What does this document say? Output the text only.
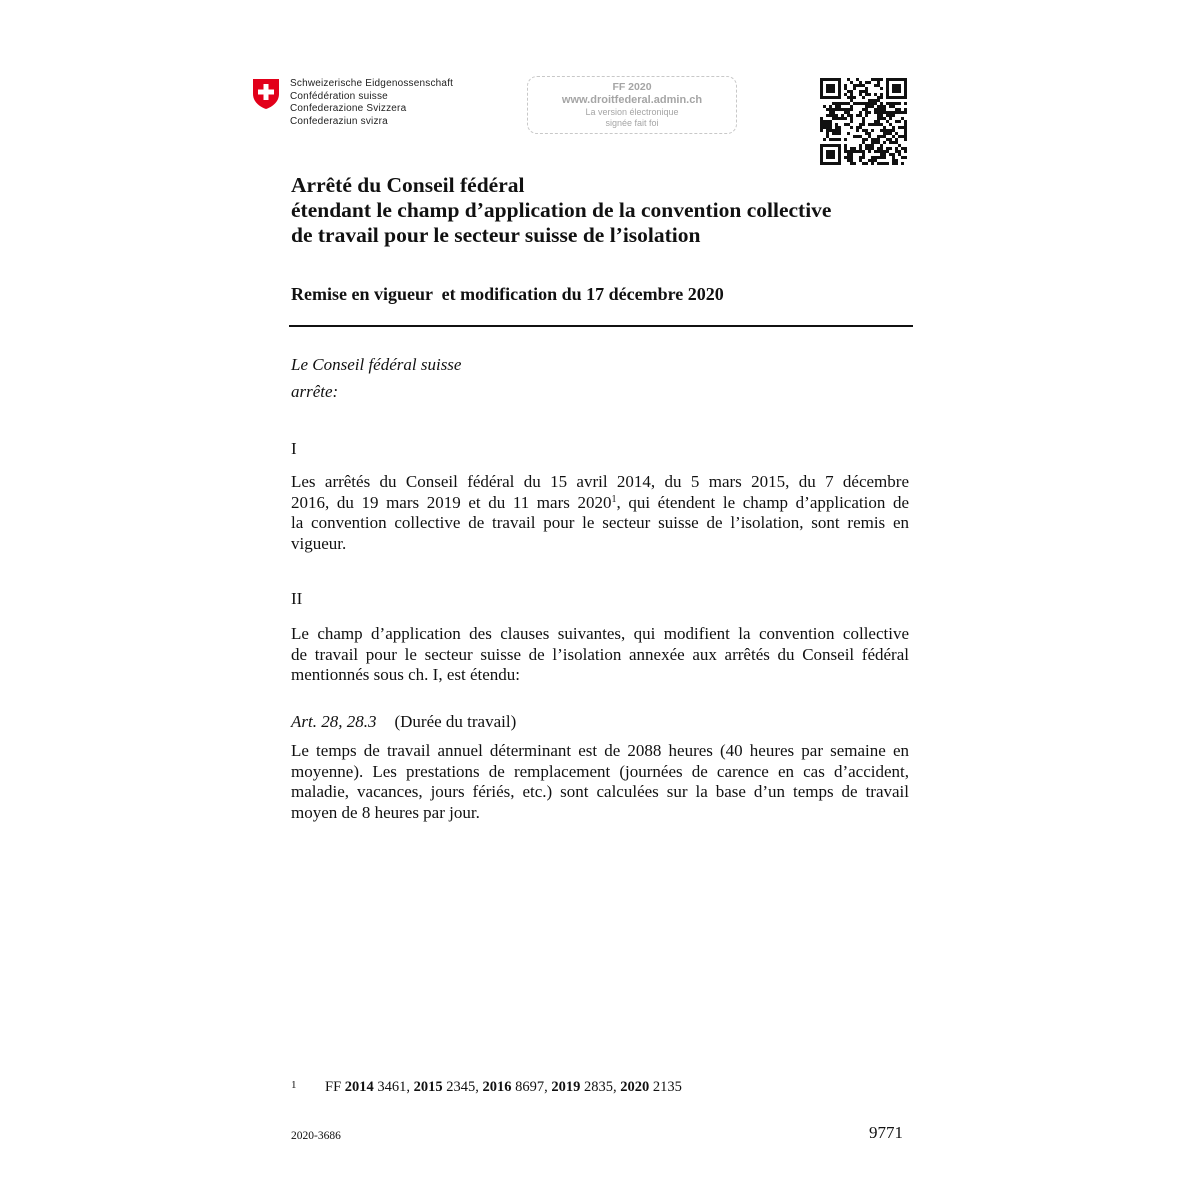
Schweizerische Eidgenossenschaft
Confédération suisse
Confederazione Svizzera
Confederaziun svizra
FF 2020
www.droitfederal.admin.ch
La version électronique
signée fait foi
Arrêté du Conseil fédéral
étendant le champ d’application de la convention collective
de travail pour le secteur suisse de l’isolation
Remise en vigueur  et modification du 17 décembre 2020
Le Conseil fédéral suisse
arrête:
I
Les arrêtés du Conseil fédéral du 15 avril 2014, du 5 mars 2015, du 7 décembre
2016, du 19 mars 2019 et du 11 mars 2020$^1$, qui étendent le champ d’application de
la convention collective de travail pour le secteur suisse de l’isolation, sont remis en
vigueur.
II
Le champ d’application des clauses suivantes, qui modifient la convention collective
de travail pour le secteur suisse de l’isolation annexée aux arrêtés du Conseil fédéral
mentionnés sous ch. I, est étendu:
Art. 28, 28.3 (Durée du travail)
Le temps de travail annuel déterminant est de 2088 heures (40 heures par semaine en
moyenne). Les prestations de remplacement (journées de carence en cas d’accident,
maladie, vacances, jours fériés, etc.) sont calculées sur la base d’un temps de travail
moyen de 8 heures par jour.
1 FF 2014 3461, 2015 2345, 2016 8697, 2019 2835, 2020 2135
2020-3686	9771
